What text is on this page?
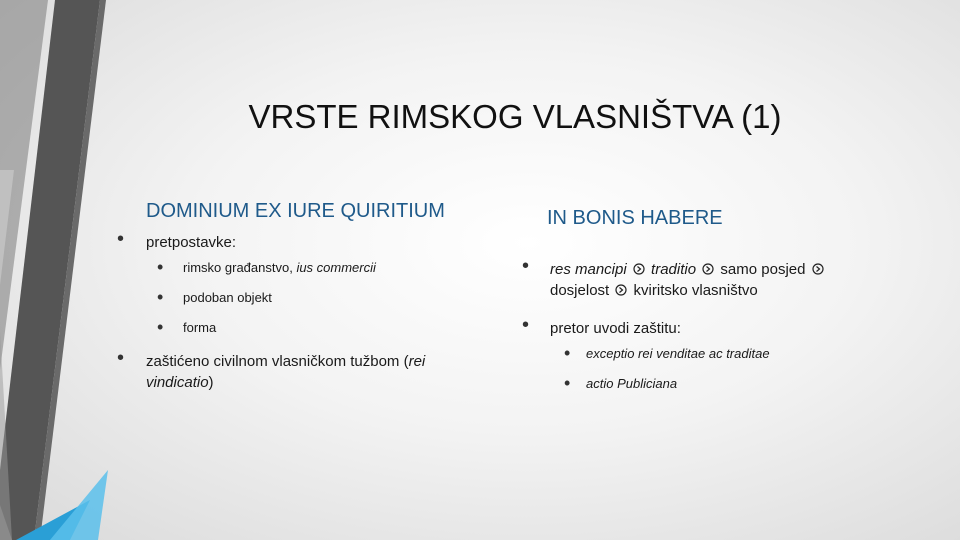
VRSTE RIMSKOG VLASNIŠTVA (1)
DOMINIUM EX IURE QUIRITIUM
• pretpostavke:
• rimsko građanstvo, ius commercii
• podoban objekt
• forma
• zaštićeno civilnom vlasničkom tužbom (rei vindicatio)
IN BONIS HABERE
• res mancipi traditio samo posjed  dosjelost kviritsko vlasništvo
• pretor uvodi zaštitu:
• exceptio rei venditae ac traditae
• actio Publiciana
